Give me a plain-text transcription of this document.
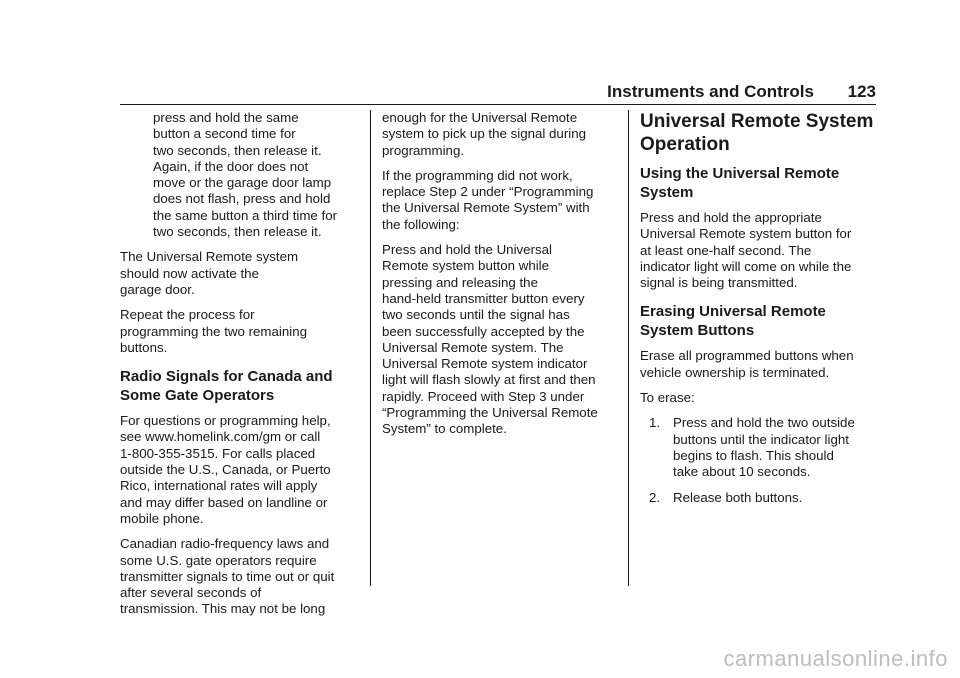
Instruments and Controls 123
press and hold the same
button a second time for
two seconds, then release it.
Again, if the door does not
move or the garage door lamp
does not flash, press and hold
the same button a third time for
two seconds, then release it.

The Universal Remote system
should now activate the
garage door.

Repeat the process for
programming the two remaining
buttons.

Radio Signals for Canada and
Some Gate Operators

For questions or programming help,
see www.homelink.com/gm or call
1-800-355-3515. For calls placed
outside the U.S., Canada, or Puerto
Rico, international rates will apply
and may differ based on landline or
mobile phone.

Canadian radio-frequency laws and
some U.S. gate operators require
transmitter signals to time out or quit
after several seconds of
transmission. This may not be long

enough for the Universal Remote
system to pick up the signal during
programming.

If the programming did not work,
replace Step 2 under “Programming
the Universal Remote System” with
the following:

Press and hold the Universal
Remote system button while
pressing and releasing the
hand-held transmitter button every
two seconds until the signal has
been successfully accepted by the
Universal Remote system. The
Universal Remote system indicator
light will flash slowly at first and then
rapidly. Proceed with Step 3 under
“Programming the Universal Remote
System” to complete.

Universal Remote System
Operation
Using the Universal Remote
System

Press and hold the appropriate
Universal Remote system button for
at least one-half second. The
indicator light will come on while the
signal is being transmitted.

Erasing Universal Remote
System Buttons

Erase all programmed buttons when
vehicle ownership is terminated.

To erase:

1. Press and hold the two outside
buttons until the indicator light
begins to flash. This should
take about 10 seconds.
2. Release both buttons.
carmanualsonline.info
